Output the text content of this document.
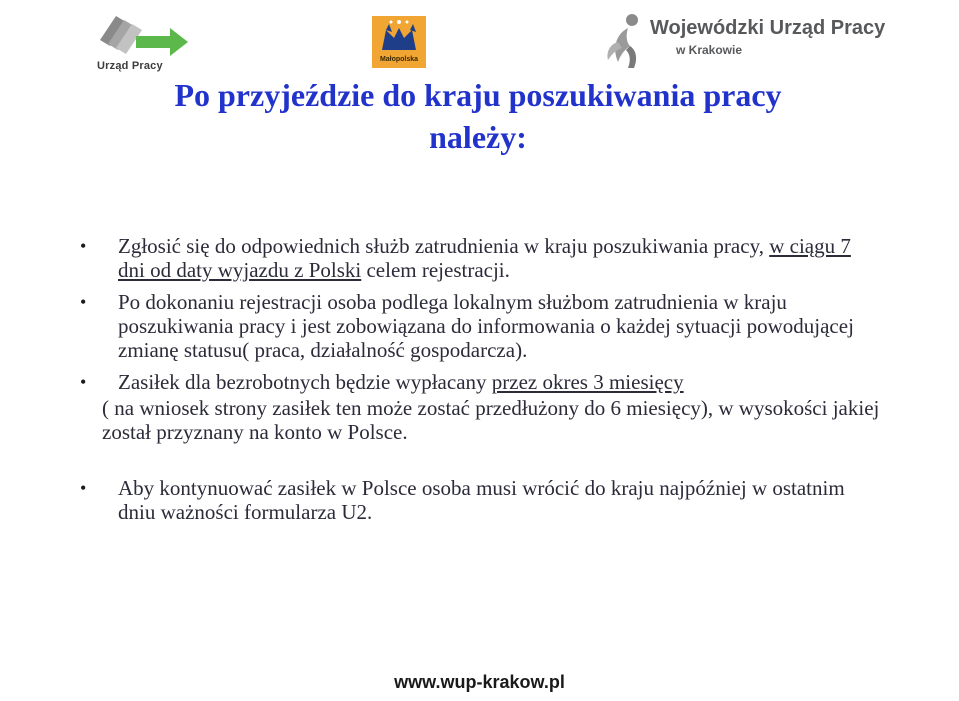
Urząd Pracy
Małopolska
Wojewódzki Urząd Pracy
w Krakowie
Po przyjeździe do kraju poszukiwania pracy
należy:
• Zgłosić się do odpowiednich służb zatrudnienia w kraju poszukiwania pracy, w ciągu 7 dni od daty wyjazdu z Polski celem rejestracji.
• Po dokonaniu rejestracji osoba podlega lokalnym służbom zatrudnienia w kraju poszukiwania pracy i jest zobowiązana do informowania o każdej sytuacji powodującej zmianę statusu( praca, działalność gospodarcza).
• Zasiłek dla bezrobotnych będzie wypłacany przez okres 3 miesięcy
( na wniosek strony zasiłek ten może zostać przedłużony do 6 miesięcy), w wysokości jakiej został przyznany na konto w Polsce.
• Aby kontynuować zasiłek w Polsce osoba musi wrócić do kraju najpóźniej w ostatnim dniu ważności formularza U2.
www.wup-krakow.pl
